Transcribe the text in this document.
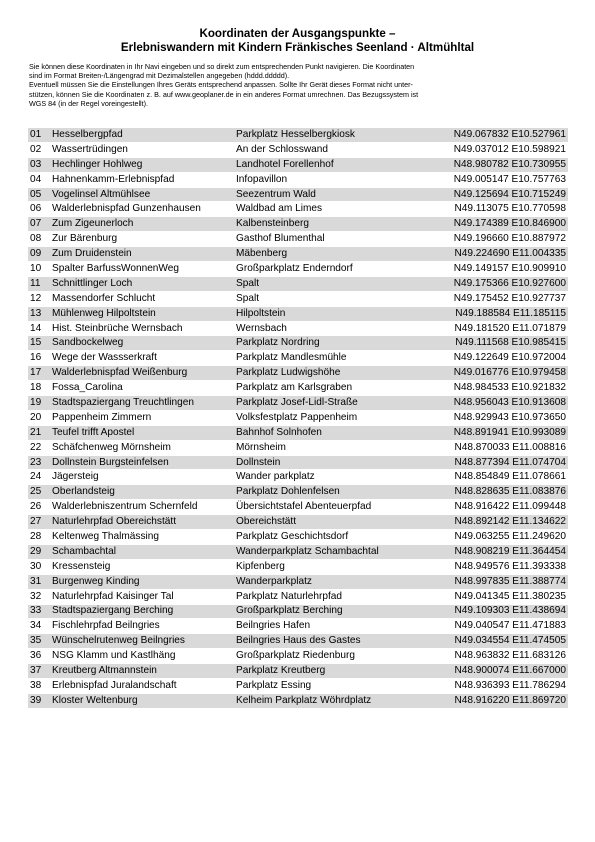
Koordinaten der Ausgangspunkte –
Erlebniswandern mit Kindern Fränkisches Seenland · Altmühltal

Sie können diese Koordinaten in Ihr Navi eingeben und so direkt zum entsprechenden Punkt navigieren. Die Koordinaten
sind im Format Breiten-/Längengrad mit Dezimalstellen angegeben (hddd.ddddd).

Eventuell müssen Sie die Einstellungen Ihres Geräts entsprechend anpassen. Sollte Ihr Gerät dieses Format nicht unter-
stützen, können Sie die Koordinaten z. B. auf www.geoplaner.de in ein anderes Format umrechnen. Das Bezugssystem ist
WGS 84 (in der Regel voreingestellt).

01	Hesselbergpfad	Parkplatz Hesselbergkiosk	N49.067832 E10.527961
02	Wassertrüdingen	An der Schlosswand	N49.037012 E10.598921
03	Hechlinger Hohlweg	Landhotel Forellenhof	N48.980782 E10.730955
04	Hahnenkamm-Erlebnispfad	Infopavillon	N49.005147 E10.757763
05	Vogelinsel Altmühlsee	Seezentrum Wald	N49.125694 E10.715249
06	Walderlebnispfad Gunzenhausen	Waldbad am Limes	N49.113075 E10.770598
07	Zum Zigeunerloch	Kalbensteinberg	N49.174389 E10.846900
08	Zur Bärenburg	Gasthof Blumenthal	N49.196660 E10.887972
09	Zum Druidenstein	Mäbenberg	N49.224690 E11.004335
10	Spalter BarfussWonnenWeg	Großparkplatz Enderndorf	N49.149157 E10.909910
11	Schnittlinger Loch	Spalt	N49.175366 E10.927600
12	Massendorfer Schlucht	Spalt	N49.175452 E10.927737
13	Mühlenweg Hilpoltstein	Hilpoltstein	N49.188584 E11.185115
14	Hist. Steinbrüche Wernsbach	Wernsbach	N49.181520 E11.071879
15	Sandbockelweg	Parkplatz Nordring	N49.111568 E10.985415
16	Wege der Wassserkraft	Parkplatz Mandlesmühle	N49.122649 E10.972004
17	Walderlebnispfad Weißenburg	Parkplatz Ludwigshöhe	N49.016776 E10.979458
18	Fossa_Carolina	Parkplatz am Karlsgraben	N48.984533 E10.921832
19	Stadtspaziergang Treuchtlingen	Parkplatz Josef-Lidl-Straße	N48.956043 E10.913608
20	Pappenheim Zimmern	Volksfestplatz Pappenheim	N48.929943 E10.973650
21	Teufel trifft Apostel	Bahnhof Solnhofen	N48.891941 E10.993089
22	Schäfchenweg Mörnsheim	Mörnsheim	N48.870033 E11.008816
23	Dollnstein Burgsteinfelsen	Dollnstein	N48.877394 E11.074704
24	Jägersteig	Wander parkplatz	N48.854849 E11.078661
25	Oberlandsteig	Parkplatz Dohlenfelsen	N48.828635 E11.083876
26	Walderlebniszentrum Schernfeld	Übersichtstafel Abenteuerpfad	N48.916422 E11.099448
27	Naturlehrpfad Obereichstätt	Obereichstätt	N48.892142 E11.134622
28	Keltenweg Thalmässing	Parkplatz Geschichtsdorf	N49.063255 E11.249620
29	Schambachtal	Wanderparkplatz Schambachtal	N48.908219 E11.364454
30	Kressensteig	Kipfenberg	N48.949576 E11.393338
31	Burgenweg Kinding	Wanderparkplatz	N48.997835 E11.388774
32	Naturlehrpfad Kaisinger Tal	Parkplatz Naturlehrpfad	N49.041345 E11.380235
33	Stadtspaziergang Berching	Großparkplatz Berching	N49.109303 E11.438694
34	Fischlehrpfad Beilngries	Beilngries Hafen	N49.040547 E11.471883
35	Wünschelrutenweg Beilngries	Beilngries Haus des Gastes	N49.034554 E11.474505
36	NSG Klamm und Kastlhäng	Großparkplatz Riedenburg	N48.963832 E11.683126
37	Kreutberg Altmannstein	Parkplatz Kreutberg	N48.900074 E11.667000
38	Erlebnispfad Juralandschaft	Parkplatz Essing	N48.936393 E11.786294
39	Kloster Weltenburg	Kelheim Parkplatz Wöhrdplatz	N48.916220 E11.869720
